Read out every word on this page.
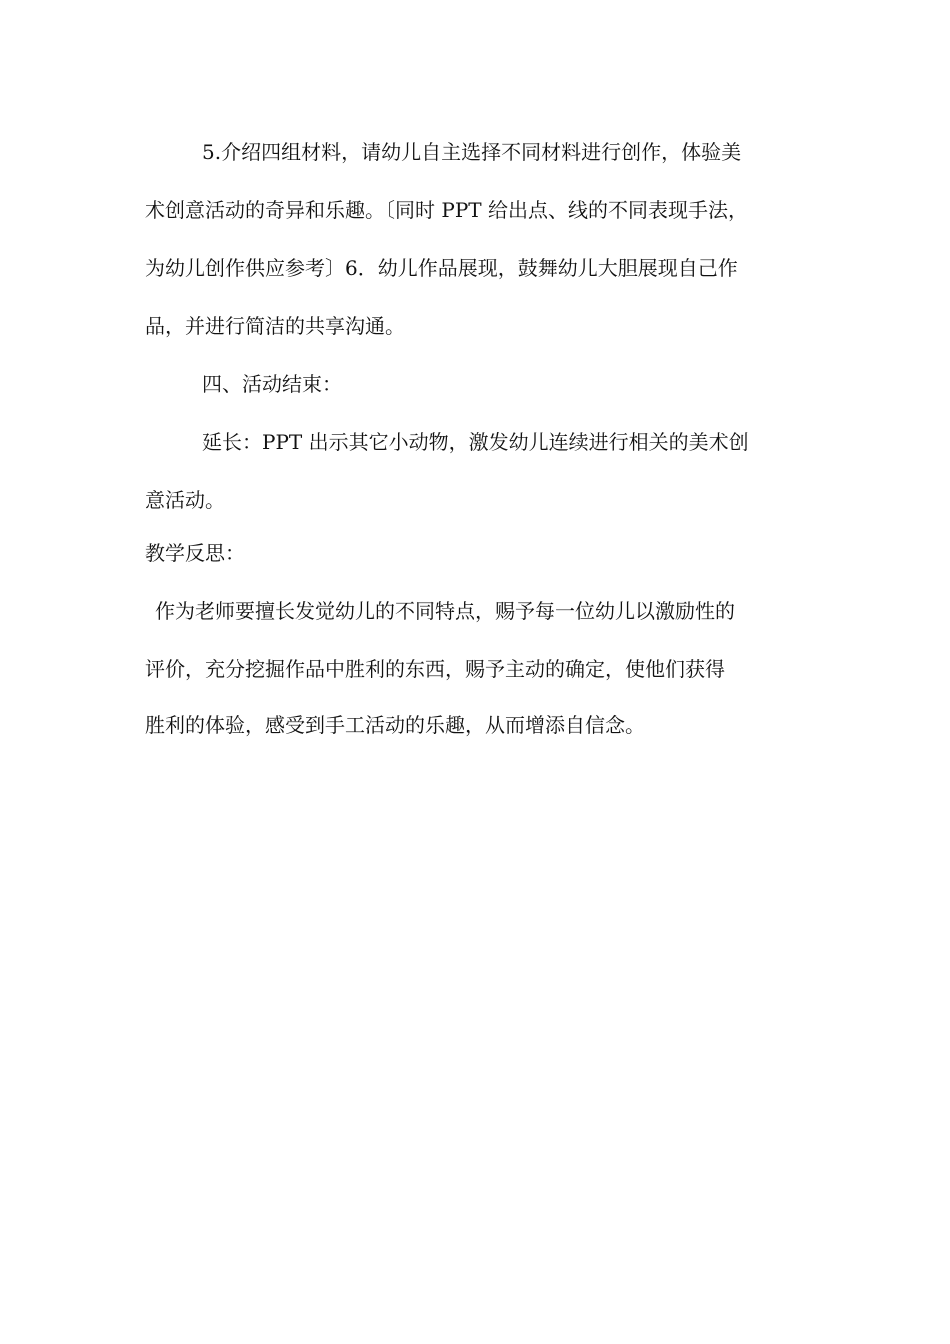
5.介绍四组材料，请幼儿自主选择不同材料进行创作，体验美
术创意活动的奇异和乐趣。〔同时 PPT 给出点、线的不同表现手法，
为幼儿创作供应参考〕6．幼儿作品展现，鼓舞幼儿大胆展现自己作
品，并进行简洁的共享沟通。
四、活动结束：
延长：PPT 出示其它小动物，激发幼儿连续进行相关的美术创
意活动。
教学反思：
作为老师要擅长发觉幼儿的不同特点，赐予每一位幼儿以激励性的
评价，充分挖掘作品中胜利的东西，赐予主动的确定，使他们获得
胜利的体验，感受到手工活动的乐趣，从而增添自信念。
